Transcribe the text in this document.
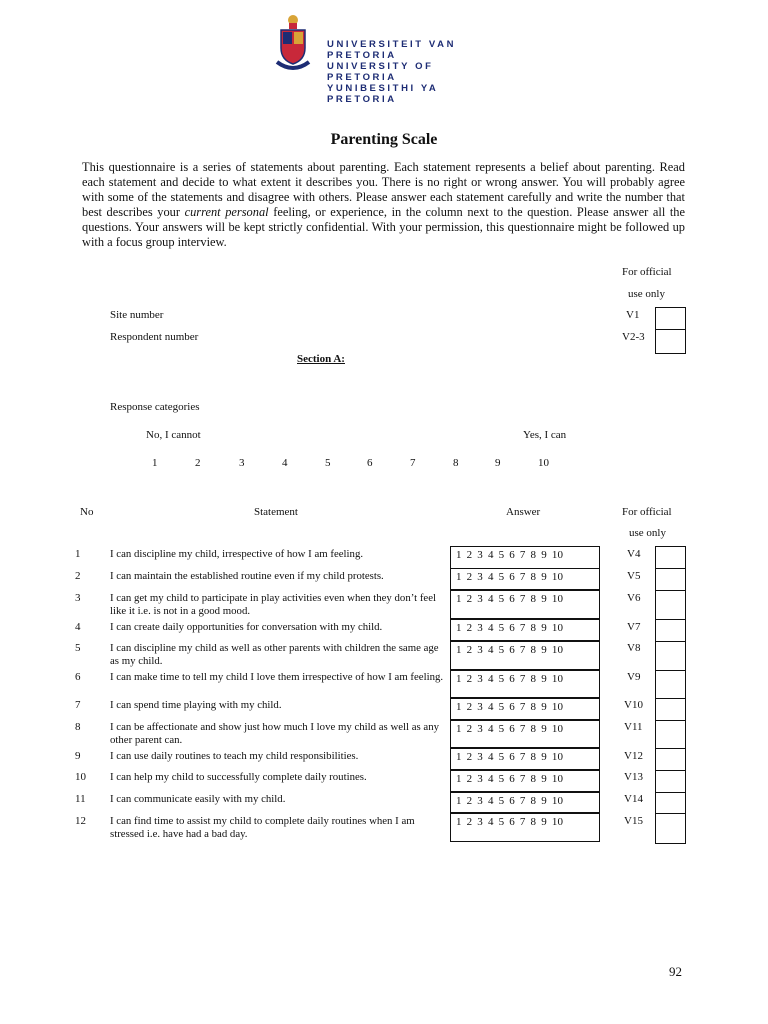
UNIVERSITEIT VAN PRETORIA
UNIVERSITY OF PRETORIA
YUNIBESITHI YA PRETORIA
Parenting Scale
This questionnaire is a series of statements about parenting. Each statement represents a belief about parenting. Read each statement and decide to what extent it describes you. There is no right or wrong answer. You will probably agree with some of the statements and disagree with others. Please answer each statement carefully and write the number that best describes your current personal feeling, or experience, in the column next to the question. Please answer all the questions. Your answers will be kept strictly confidential. With your permission, this questionnaire might be followed up with a focus group interview.
For official
use only
Site number	V1
Respondent number	V2-3
Section A:
Response categories
No, I cannot	Yes, I can
1	2	3	4	5	6	7	8	9	10
No	Statement	Answer	For official
use only
1	I can discipline my child, irrespective of how I am feeling.	1 2 3 4 5 6 7 8 9 10	V4
2	I can maintain the established routine even if my child protests.	1 2 3 4 5 6 7 8 9 10	V5
3	I can get my child to participate in play activities even when they don’t feel like it i.e. is not in a good mood.
1 2 3 4 5 6 7 8 9 10	V6
4	I can create daily opportunities for conversation with my child.	1 2 3 4 5 6 7 8 9 10	V7
5	I can discipline my child as well as other parents with children the same age as my child.
1 2 3 4 5 6 7 8 9 10	V8
6	I can make time to tell my child I love them irrespective of how I am feeling.	1 2 3 4 5 6 7 8 9 10	V9
7	I can spend time playing with my child.	1 2 3 4 5 6 7 8 9 10	V10
8	I can be affectionate and show just how much I love my child as well as any other parent can.
1 2 3 4 5 6 7 8 9 10	V11
9	I can use daily routines to teach my child responsibilities.	1 2 3 4 5 6 7 8 9 10	V12
10 I can help my child to successfully complete daily routines.	1 2 3 4 5 6 7 8 9 10	V13
11 I can communicate easily with my child.	1 2 3 4 5 6 7 8 9 10	V14
12 I can find time to assist my child to complete daily routines when I am stressed i.e. have had a bad day.
1 2 3 4 5 6 7 8 9 10	V15
92
